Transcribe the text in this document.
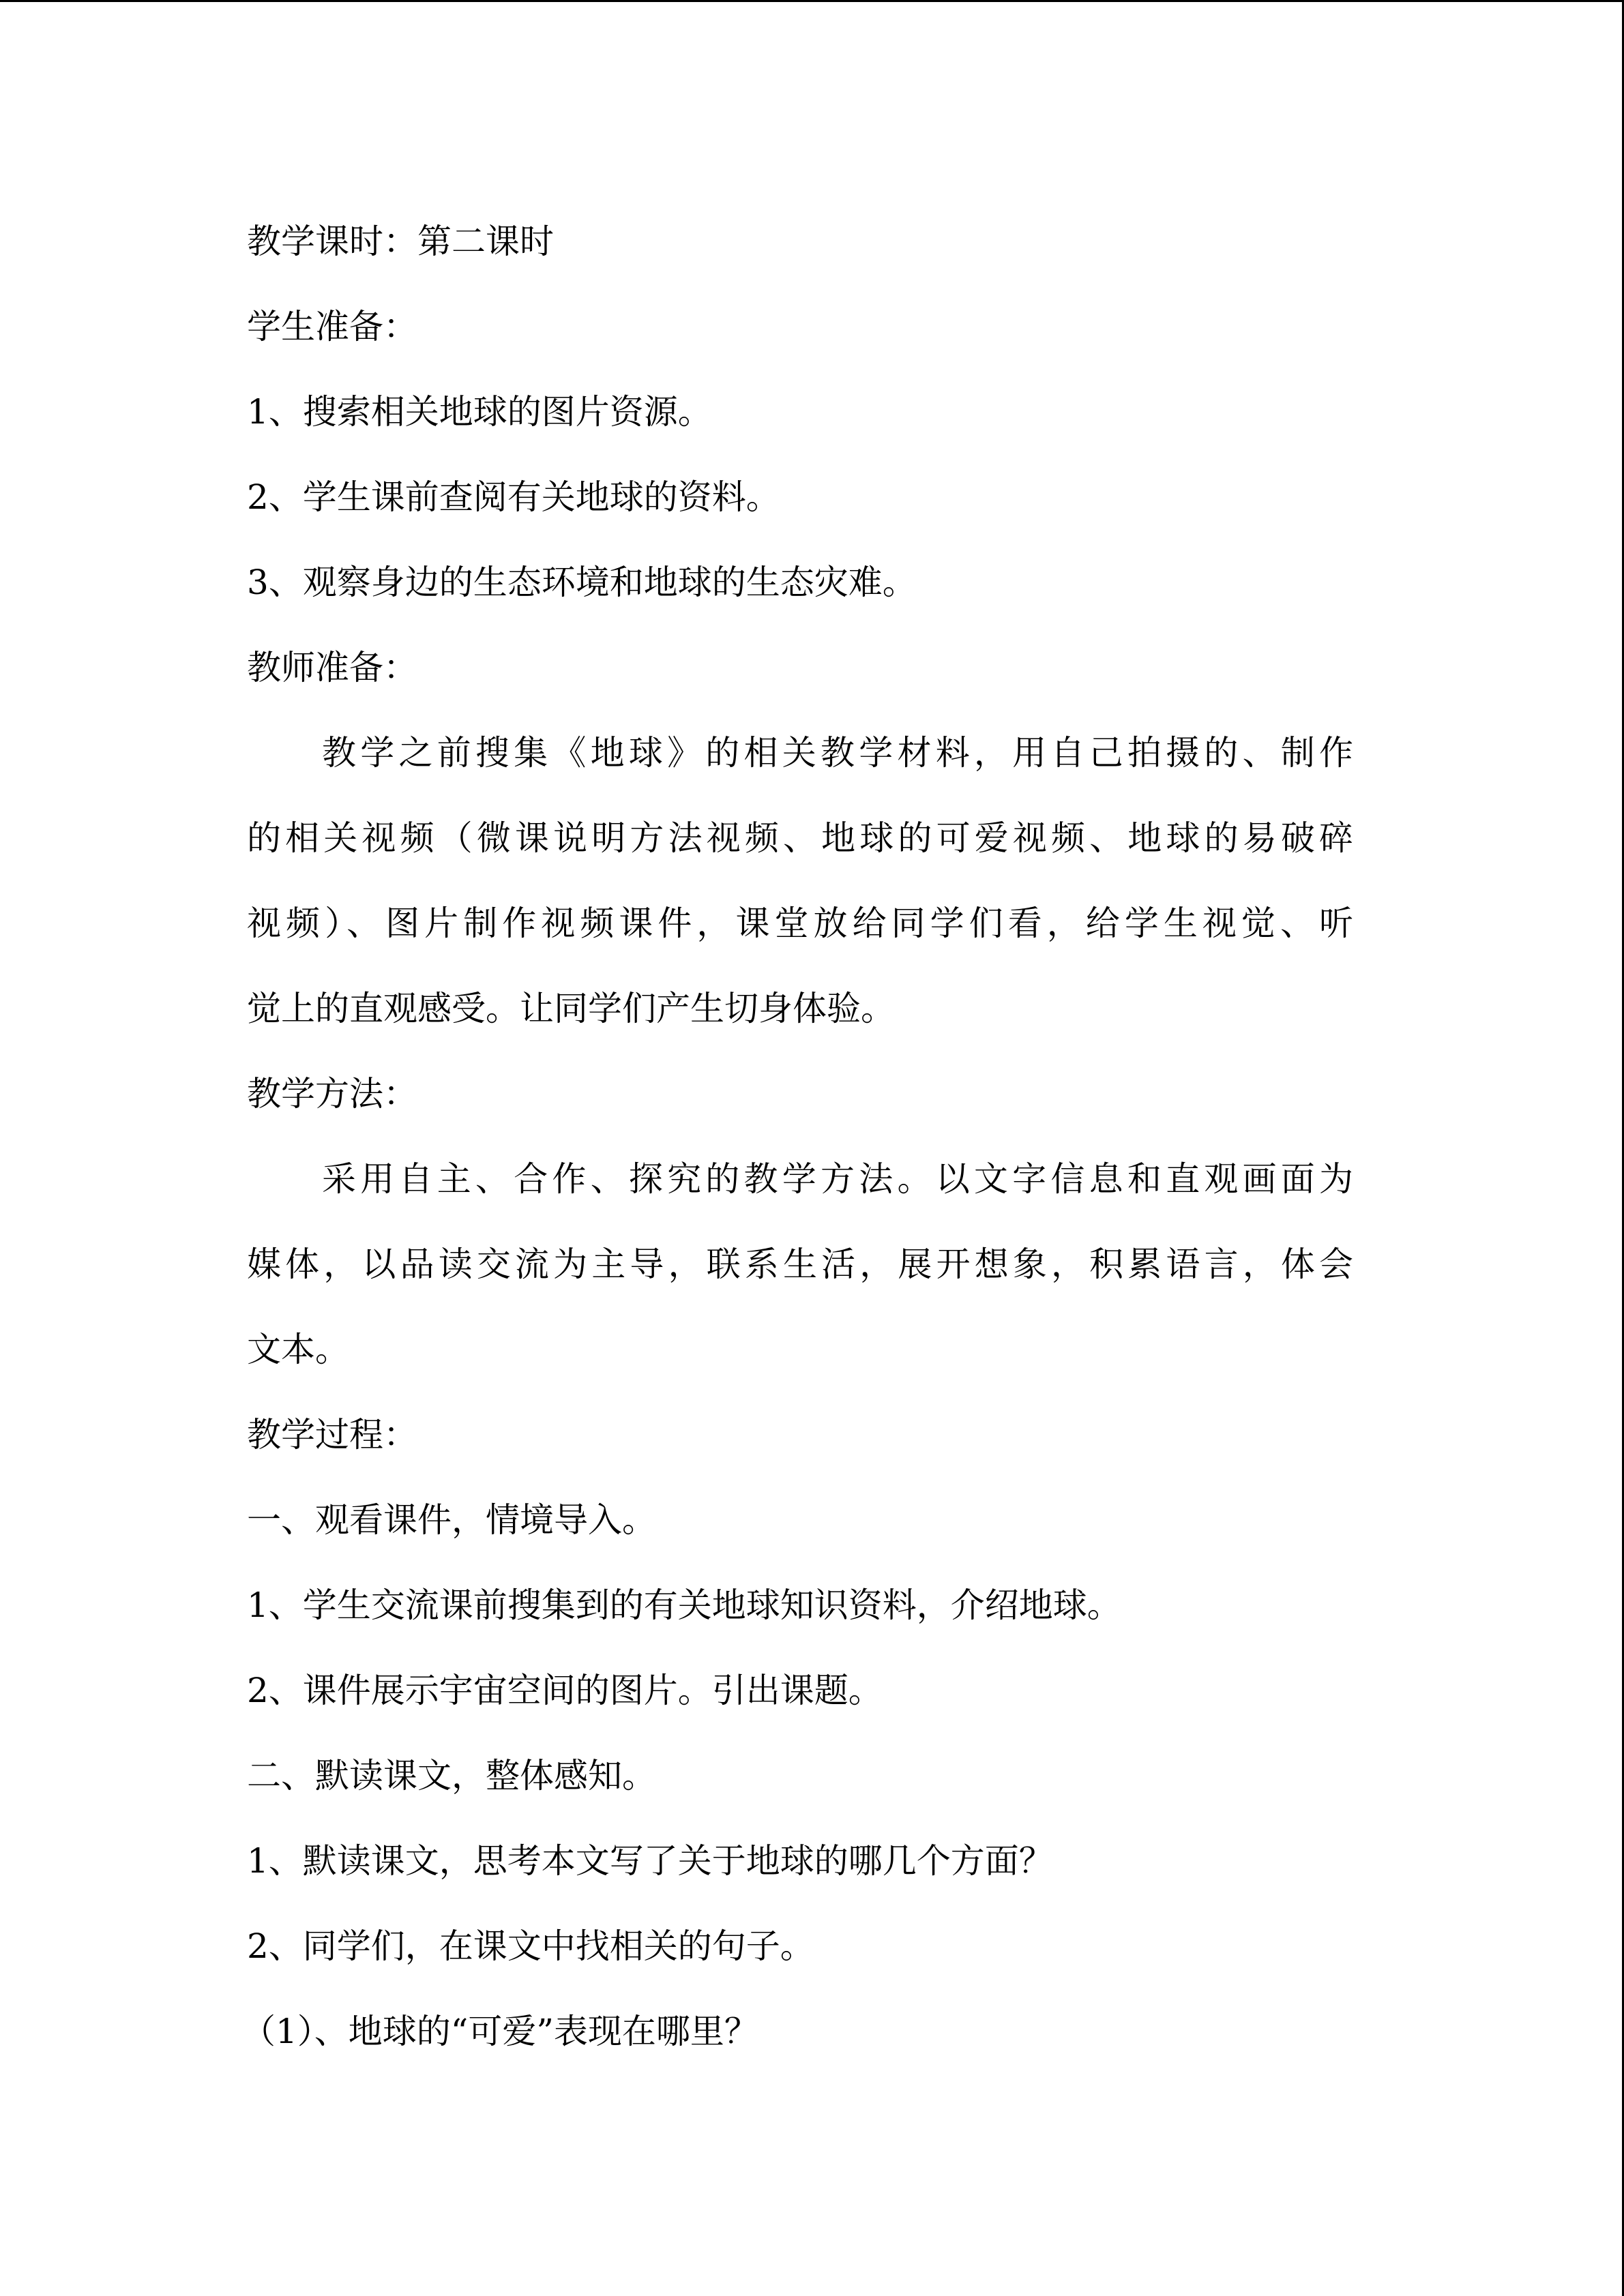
教学课时：第二课时
学生准备：
1、搜索相关地球的图片资源。
2、学生课前查阅有关地球的资料。
3、观察身边的生态环境和地球的生态灾难。
教师准备：
教学之前搜集《地球》的相关教学材料，用自己拍摄的、制作
的相关视频（微课说明方法视频、地球的可爱视频、地球的易破碎
视频）、图片制作视频课件，课堂放给同学们看，给学生视觉、听
觉上的直观感受。让同学们产生切身体验。
教学方法：
采用自主、合作、探究的教学方法。以文字信息和直观画面为
媒体，以品读交流为主导，联系生活，展开想象，积累语言，体会
文本。
教学过程：
一、观看课件，情境导入。
1、学生交流课前搜集到的有关地球知识资料，介绍地球。
2、课件展示宇宙空间的图片。引出课题。
二、默读课文，整体感知。
1、默读课文，思考本文写了关于地球的哪几个方面？
2、同学们，在课文中找相关的句子。
（1）、地球的“可爱”表现在哪里？
